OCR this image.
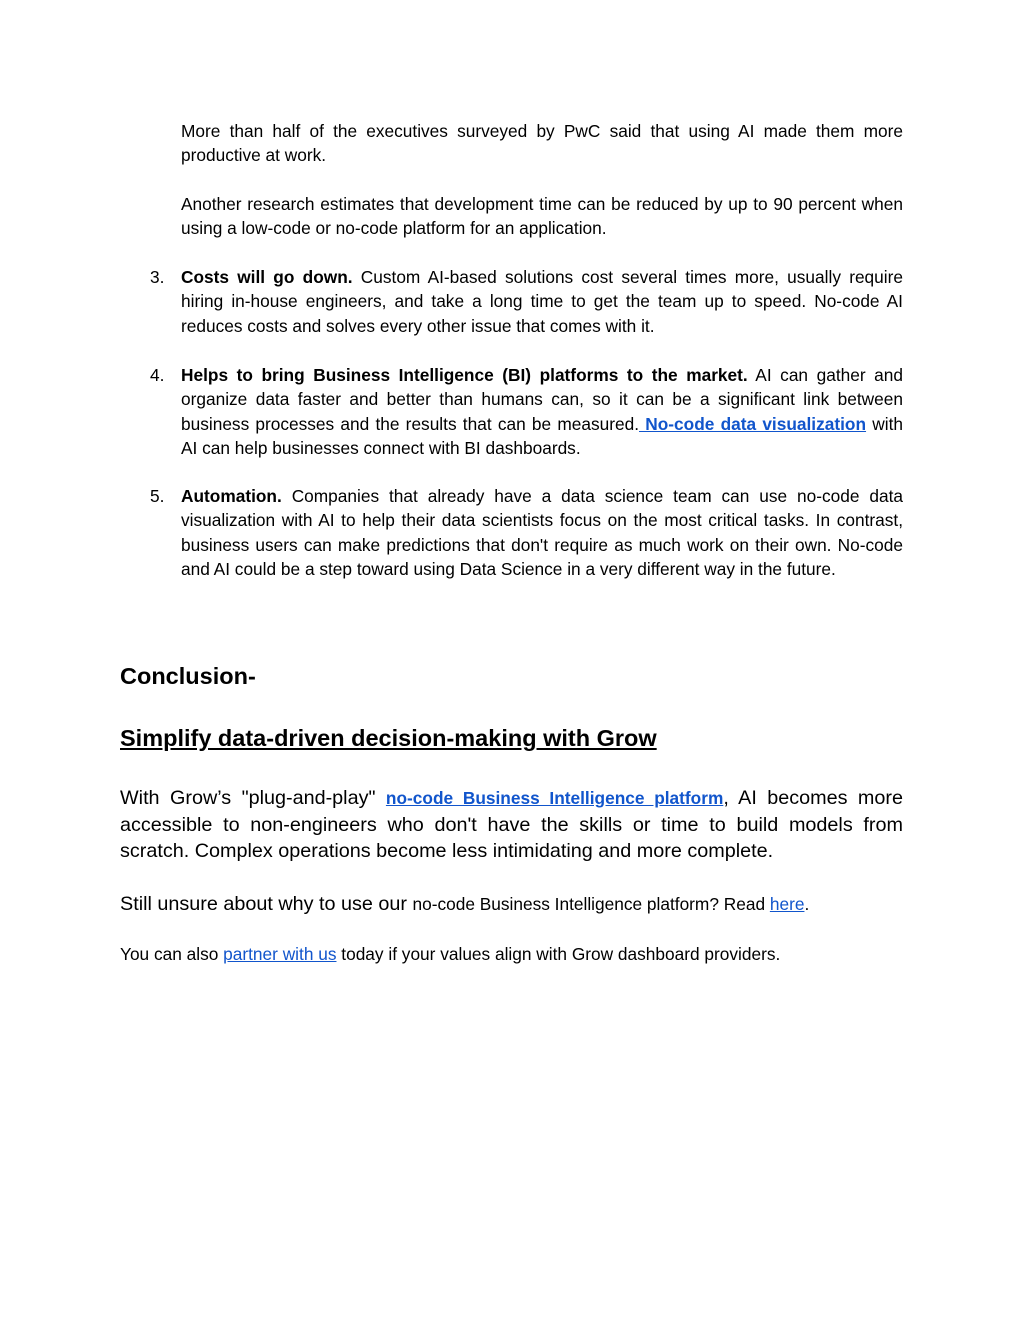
More than half of the executives surveyed by PwC said that using AI made them more productive at work.

Another research estimates that development time can be reduced by up to 90 percent when using a low-code or no-code platform for an application.

3. Costs will go down. Custom AI-based solutions cost several times more, usually require hiring in-house engineers, and take a long time to get the team up to speed. No-code AI reduces costs and solves every other issue that comes with it.
4. Helps to bring Business Intelligence (BI) platforms to the market. AI can gather and organize data faster and better than humans can, so it can be a significant link between business processes and the results that can be measured. No-code data visualization with AI can help businesses connect with BI dashboards.
5. Automation. Companies that already have a data science team can use no-code data visualization with AI to help their data scientists focus on the most critical tasks. In contrast, business users can make predictions that don't require as much work on their own. No-code and AI could be a step toward using Data Science in a very different way in the future.
Conclusion-
Simplify data-driven decision-making with Grow

With Grow’s "plug-and-play" no-code Business Intelligence platform, AI becomes more accessible to non-engineers who don't have the skills or time to build models from scratch. Complex operations become less intimidating and more complete.

Still unsure about why to use our no-code Business Intelligence platform? Read here.

You can also partner with us today if your values align with Grow dashboard providers.
